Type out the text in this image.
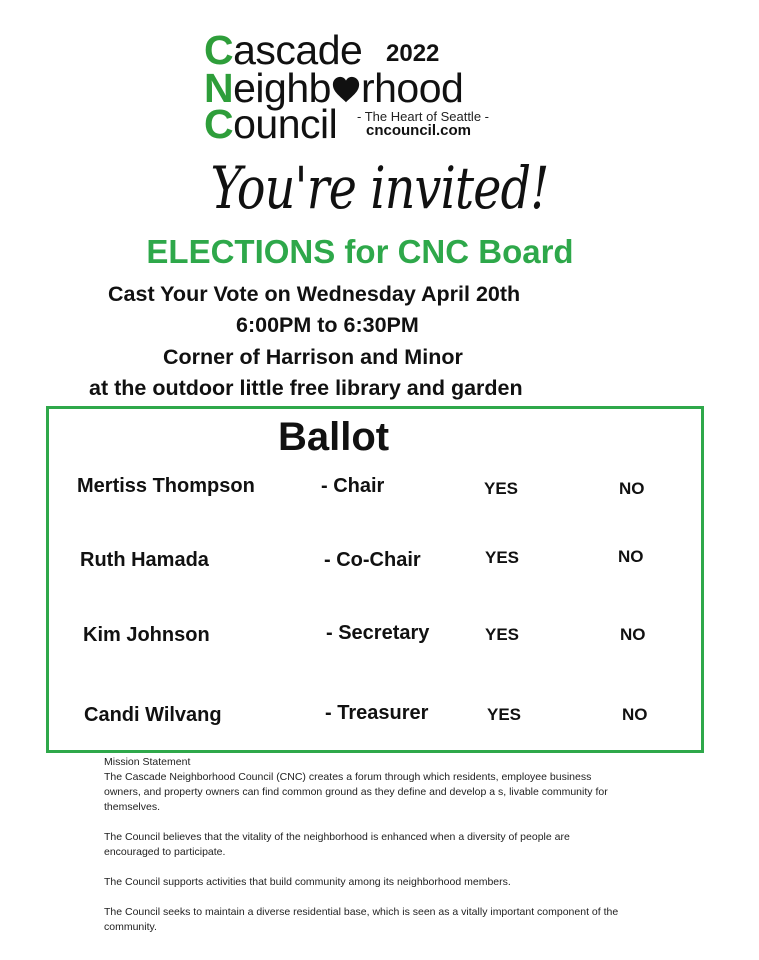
Cascade 2022
Neighb rhood
Council - The Heart of Seattle -
cncouncil.com
You're invited!
ELECTIONS for CNC Board
Cast Your Vote on Wednesday April 20th
6:00PM to 6:30PM
Corner of Harrison and Minor
at the outdoor little free library and garden
Ballot
Mertiss Thompson	- Chair	YES	NO
Ruth Hamada	- Co-Chair	YES	NO
Kim Johnson	- Secretary	YES	NO
Candi Wilvang	- Treasurer	YES	NO

Mission Statement

The Cascade Neighborhood Council (CNC) creates a forum through which residents, employee business owners, and property owners can find common ground as they define and develop a s, livable community for themselves.

The Council believes that the vitality of the neighborhood is enhanced when a diversity of people are encouraged to participate.

The Council supports activities that build community among its neighborhood members.

The Council seeks to maintain a diverse residential base, which is seen as a vitally important component of the community.
